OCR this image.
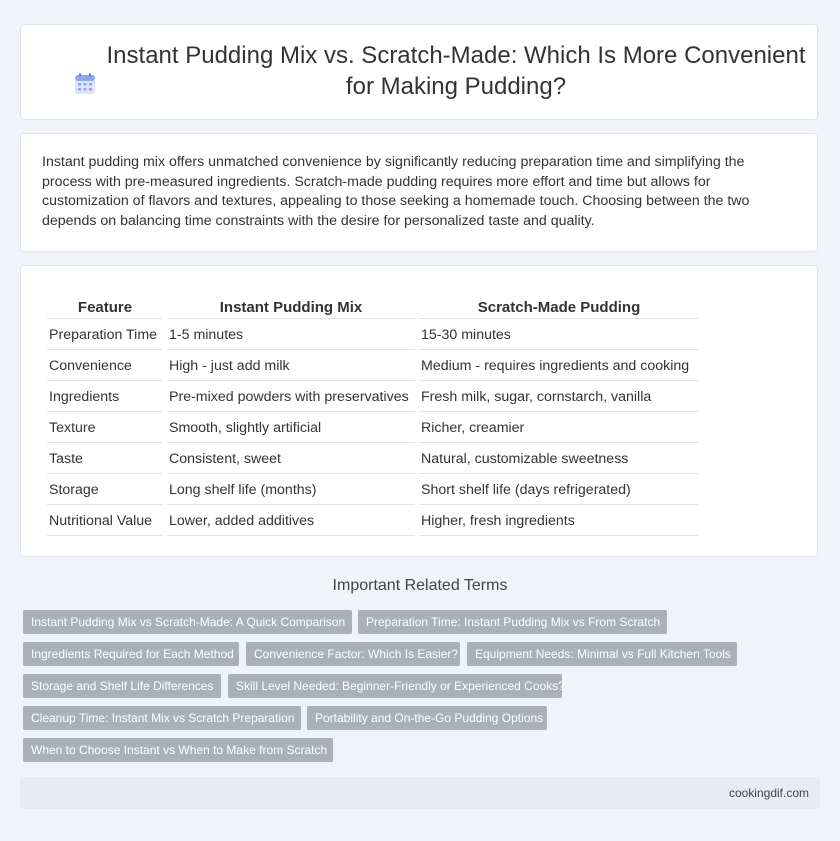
Instant Pudding Mix vs. Scratch-Made: Which Is More Convenient for Making Pudding?

Instant pudding mix offers unmatched convenience by significantly reducing preparation time and simplifying the process with pre-measured ingredients. Scratch-made pudding requires more effort and time but allows for customization of flavors and textures, appealing to those seeking a homemade touch. Choosing between the two depends on balancing time constraints with the desire for personalized taste and quality.

Feature	Instant Pudding Mix	Scratch-Made Pudding
Preparation Time	1-5 minutes	15-30 minutes
Convenience	High - just add milk	Medium - requires ingredients and cooking
Ingredients	Pre-mixed powders with preservatives	Fresh milk, sugar, cornstarch, vanilla
Texture	Smooth, slightly artificial	Richer, creamier
Taste	Consistent, sweet	Natural, customizable sweetness
Storage	Long shelf life (months)	Short shelf life (days refrigerated)
Nutritional Value	Lower, added additives	Higher, fresh ingredients
Important Related Terms
Instant Pudding Mix vs Scratch-Made: A Quick Comparison	Preparation Time: Instant Pudding Mix vs From Scratch
Ingredients Required for Each Method	Convenience Factor: Which Is Easier?	Equipment Needs: Minimal vs Full Kitchen Tools
Storage and Shelf Life Differences	Skill Level Needed: Beginner-Friendly or Experienced Cooks?
Cleanup Time: Instant Mix vs Scratch Preparation	Portability and On-the-Go Pudding Options
When to Choose Instant vs When to Make from Scratch
cookingdif.com
